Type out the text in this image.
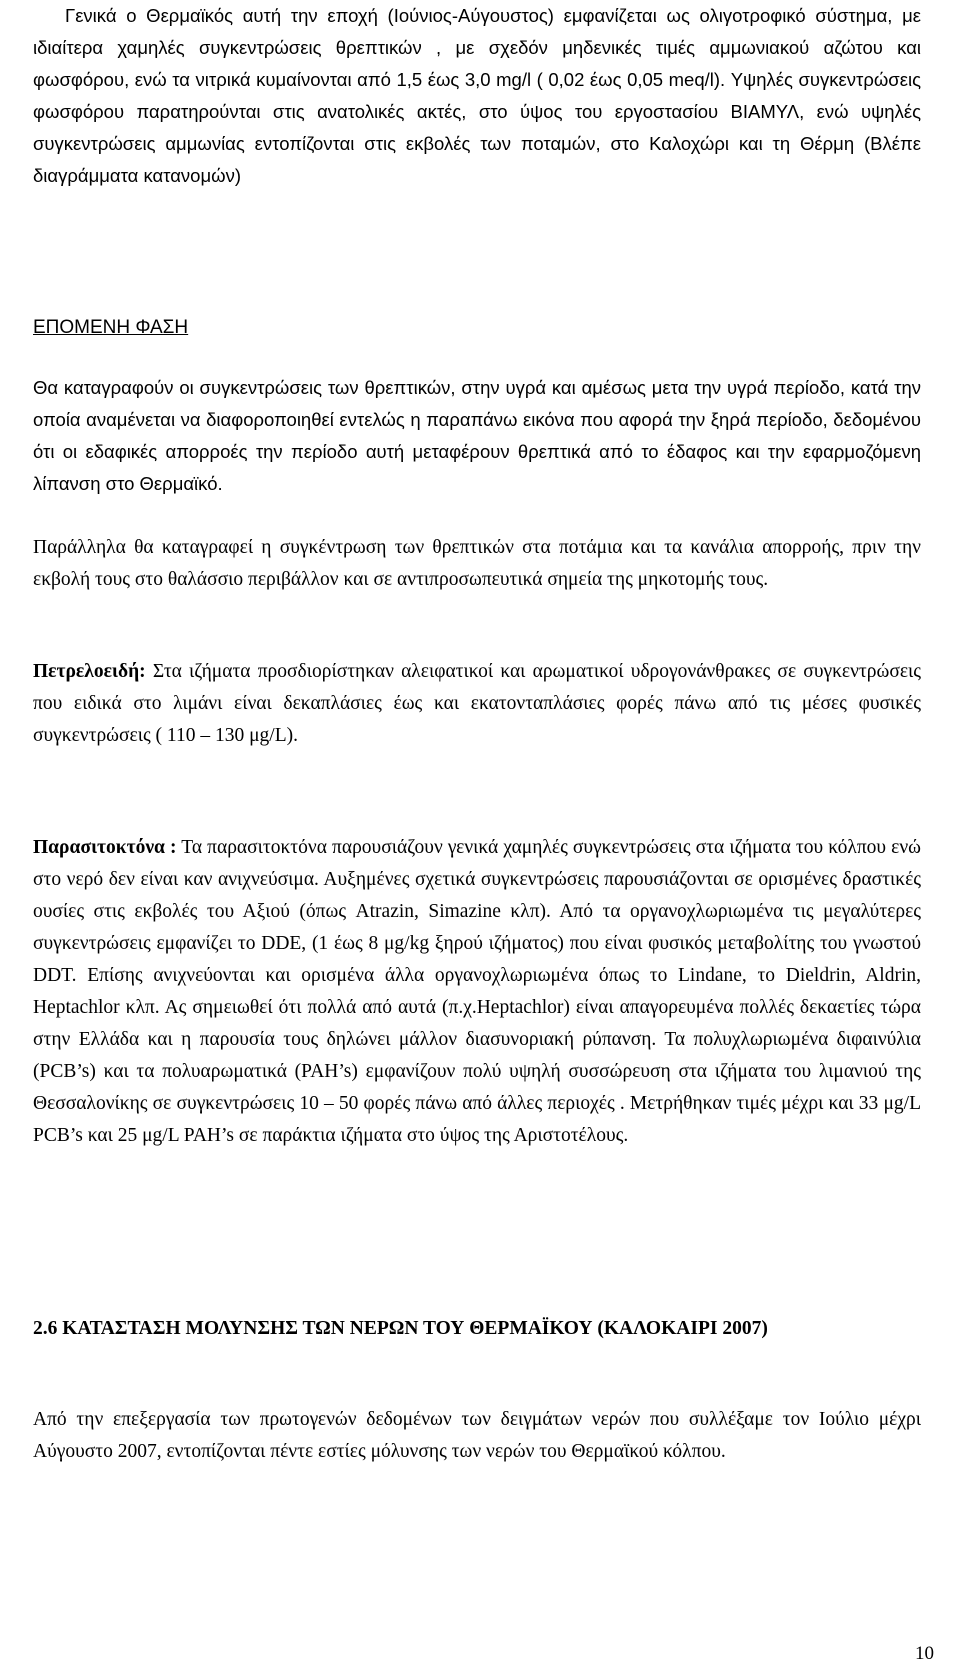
Γενικά ο Θερμαϊκός αυτή την εποχή (Ιούνιος-Αύγουστος) εμφανίζεται ως ολιγοτροφικό σύστημα, με ιδιαίτερα χαμηλές συγκεντρώσεις θρεπτικών , με σχεδόν μηδενικές τιμές αμμωνιακού αζώτου και φωσφόρου, ενώ τα νιτρικά κυμαίνονται από 1,5 έως 3,0 mg/l ( 0,02 έως 0,05 meq/l). Υψηλές συγκεντρώσεις φωσφόρου παρατηρούνται στις ανατολικές ακτές, στο ύψος του εργοστασίου ΒΙΑΜΥΛ, ενώ υψηλές συγκεντρώσεις αμμωνίας εντοπίζονται στις εκβολές των ποταμών, στο Καλοχώρι και τη Θέρμη (Βλέπε διαγράμματα κατανομών)

ΕΠΟΜΕΝΗ ΦΑΣΗ

Θα καταγραφούν οι συγκεντρώσεις των θρεπτικών, στην υγρά και αμέσως μετα την υγρά περίοδο, κατά την οποία αναμένεται να διαφοροποιηθεί εντελώς η παραπάνω εικόνα που αφορά την ξηρά περίοδο, δεδομένου ότι οι εδαφικές απορροές την περίοδο αυτή μεταφέρουν θρεπτικά από το έδαφος και την εφαρμοζόμενη λίπανση στο Θερμαϊκό.

Παράλληλα θα καταγραφεί η συγκέντρωση των θρεπτικών στα ποτάμια και τα κανάλια απορροής, πριν την εκβολή τους στο θαλάσσιο περιβάλλον και σε αντιπροσωπευτικά σημεία της μηκοτομής τους.

Πετρελοειδή: Στα ιζήματα προσδιορίστηκαν αλειφατικοί και αρωματικοί υδρογονάνθρακες σε συγκεντρώσεις που ειδικά στο λιμάνι είναι δεκαπλάσιες έως και εκατονταπλάσιες φορές πάνω από τις μέσες φυσικές συγκεντρώσεις ( 110 – 130 μg/L).

Παρασιτοκτόνα : Τα παρασιτοκτόνα παρουσιάζουν γενικά χαμηλές συγκεντρώσεις στα ιζήματα του κόλπου ενώ στο νερό δεν είναι καν ανιχνεύσιμα. Αυξημένες σχετικά συγκεντρώσεις παρουσιάζονται σε ορισμένες δραστικές ουσίες στις εκβολές του Αξιού (όπως Atrazin, Simazine κλπ). Από τα οργανοχλωριωμένα τις μεγαλύτερες συγκεντρώσεις εμφανίζει το DDE, (1 έως 8 μg/kg ξηρού ιζήματος) που είναι φυσικός μεταβολίτης του γνωστού DDT. Επίσης ανιχνεύονται και ορισμένα άλλα οργανοχλωριωμένα όπως το Lindane, το Dieldrin, Aldrin, Heptachlor κλπ. Ας σημειωθεί ότι πολλά από αυτά (π.χ.Heptachlor) είναι απαγορευμένα πολλές δεκαετίες τώρα στην Ελλάδα και η παρουσία τους δηλώνει μάλλον διασυνοριακή ρύπανση. Τα πολυχλωριωμένα διφαινύλια (PCB’s) και τα πολυαρωματικά (PAH’s) εμφανίζουν πολύ υψηλή συσσώρευση στα ιζήματα του λιμανιού της Θεσσαλονίκης σε συγκεντρώσεις 10 – 50 φορές πάνω από άλλες περιοχές . Μετρήθηκαν τιμές μέχρι και 33 μg/L PCB’s και 25 μg/L PAH’s σε παράκτια ιζήματα στο ύψος της Αριστοτέλους.

2.6 ΚΑΤΑΣΤΑΣΗ ΜΟΛΥΝΣΗΣ ΤΩΝ ΝΕΡΩΝ ΤΟΥ ΘΕΡΜΑΪΚΟΥ (ΚΑΛΟΚΑΙΡΙ 2007)

Από την επεξεργασία των πρωτογενών δεδομένων των δειγμάτων νερών που συλλέξαμε τον Ιούλιο μέχρι Αύγουστο 2007, εντοπίζονται πέντε εστίες μόλυνσης των νερών του Θερμαϊκού κόλπου.

10
